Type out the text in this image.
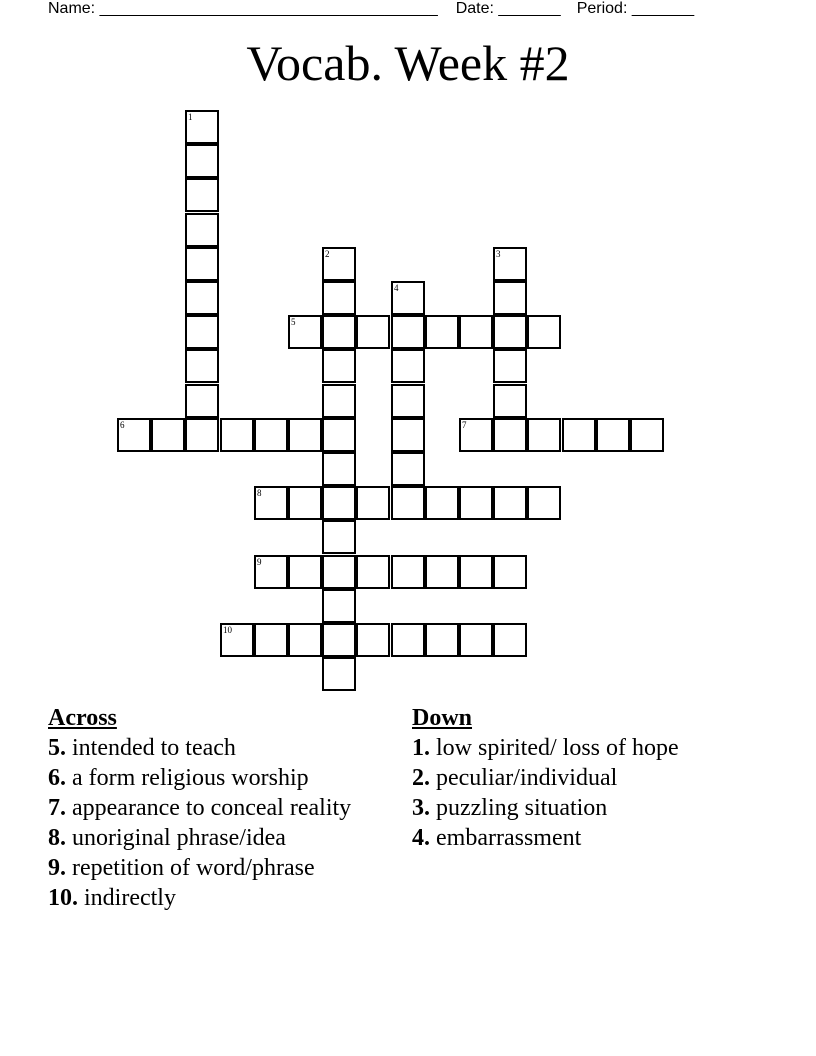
Name: ______________________________________ Date: _______ Period: _______
Vocab. Week #2
1
2	3
4
5
6	7
8
9
10

Across

5. intended to teach

6. a form religious worship

7. appearance to conceal reality

8. unoriginal phrase/idea

9. repetition of word/phrase

10. indirectly

Down

1. low spirited/ loss of hope

2. peculiar/individual

3. puzzling situation

4. embarrassment
